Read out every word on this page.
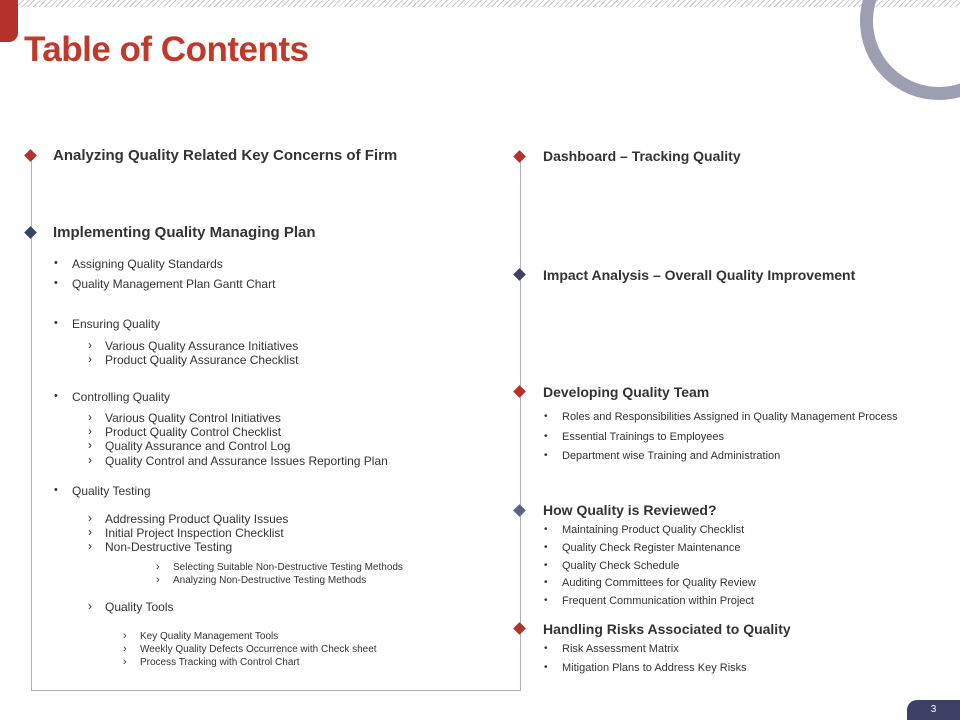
Table of Contents
Analyzing Quality Related Key Concerns of Firm
Implementing Quality Managing Plan
• Assigning Quality Standards
• Quality Management Plan Gantt Chart
• Ensuring Quality
› Various Quality Assurance Initiatives
› Product Quality Assurance Checklist
• Controlling Quality
› Various Quality Control Initiatives
› Product Quality Control Checklist
› Quality Assurance and Control Log
› Quality Control and Assurance Issues Reporting Plan
• Quality Testing
› Addressing Product Quality Issues
› Initial Project Inspection Checklist
› Non-Destructive Testing
› Selecting Suitable Non-Destructive Testing Methods
› Analyzing Non-Destructive Testing Methods
› Quality Tools
› Key Quality Management Tools
› Weekly Quality Defects Occurrence with Check sheet
› Process Tracking with Control Chart
Dashboard – Tracking Quality
Impact Analysis – Overall Quality Improvement
Developing Quality Team
• Roles and Responsibilities Assigned in Quality Management Process
• Essential Trainings to Employees
• Department wise Training and Administration
How Quality is Reviewed?
• Maintaining Product Quality Checklist
• Quality Check Register Maintenance
• Quality Check Schedule
• Auditing Committees for Quality Review
• Frequent Communication within Project
Handling Risks Associated to Quality
• Risk Assessment Matrix
• Mitigation Plans to Address Key Risks
3
